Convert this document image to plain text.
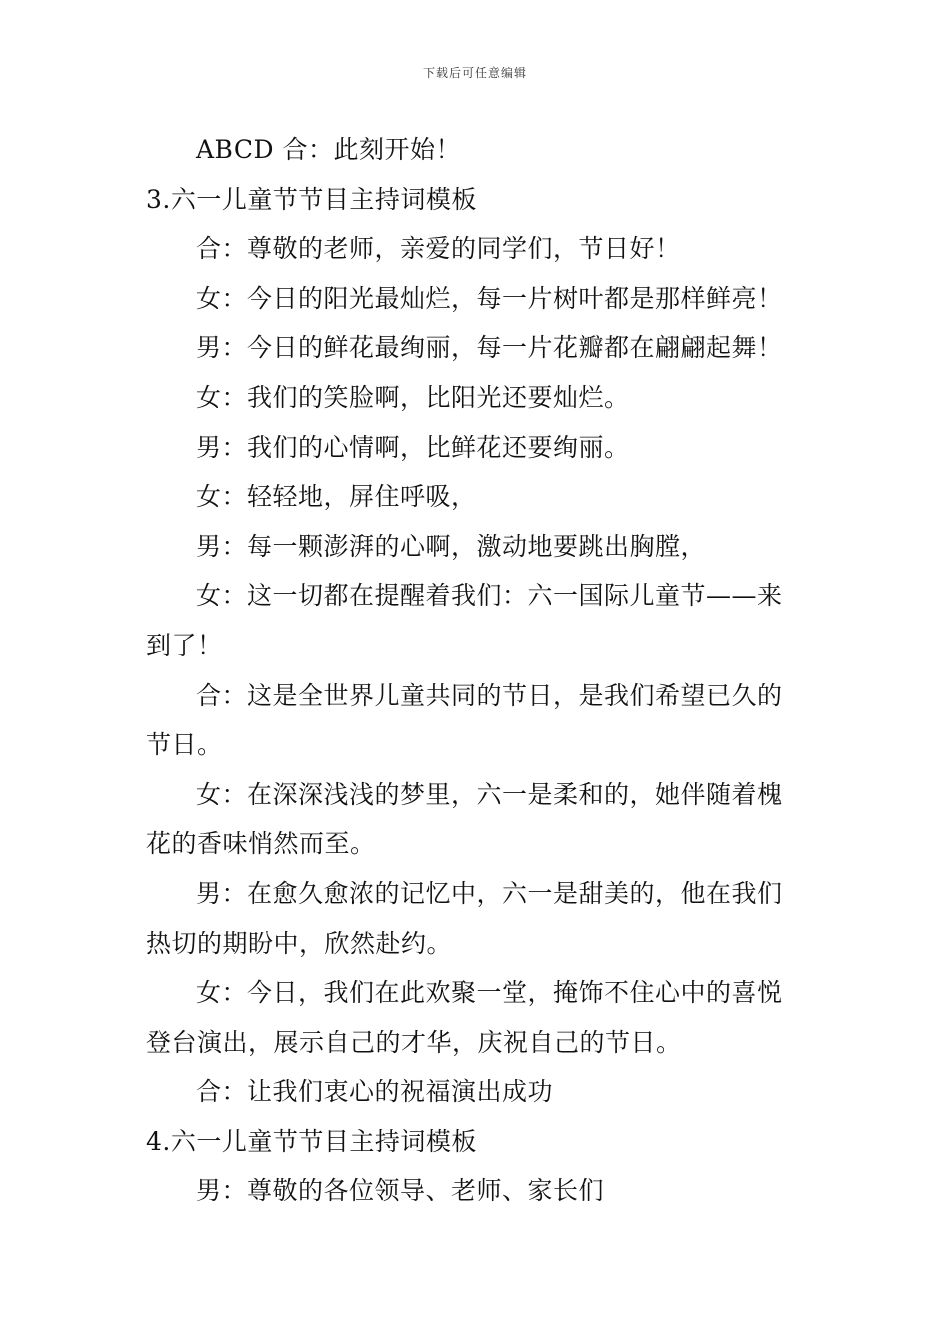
下载后可任意编辑
ABCD 合：此刻开始！
3.六一儿童节节目主持词模板
合：尊敬的老师，亲爱的同学们，节日好！
女：今日的阳光最灿烂，每一片树叶都是那样鲜亮！
男：今日的鲜花最绚丽，每一片花瓣都在翩翩起舞！
女：我们的笑脸啊，比阳光还要灿烂。
男：我们的心情啊，比鲜花还要绚丽。
女：轻轻地，屏住呼吸，
男：每一颗澎湃的心啊，激动地要跳出胸膛，
女：这一切都在提醒着我们：六一国际儿童节——来
到了！
合：这是全世界儿童共同的节日，是我们希望已久的
节日。
女：在深深浅浅的梦里，六一是柔和的，她伴随着槐
花的香味悄然而至。
男：在愈久愈浓的记忆中，六一是甜美的，他在我们
热切的期盼中，欣然赴约。
女：今日，我们在此欢聚一堂，掩饰不住心中的喜悦
登台演出，展示自己的才华，庆祝自己的节日。
合：让我们衷心的祝福演出成功
4.六一儿童节节目主持词模板
男：尊敬的各位领导、老师、家长们
